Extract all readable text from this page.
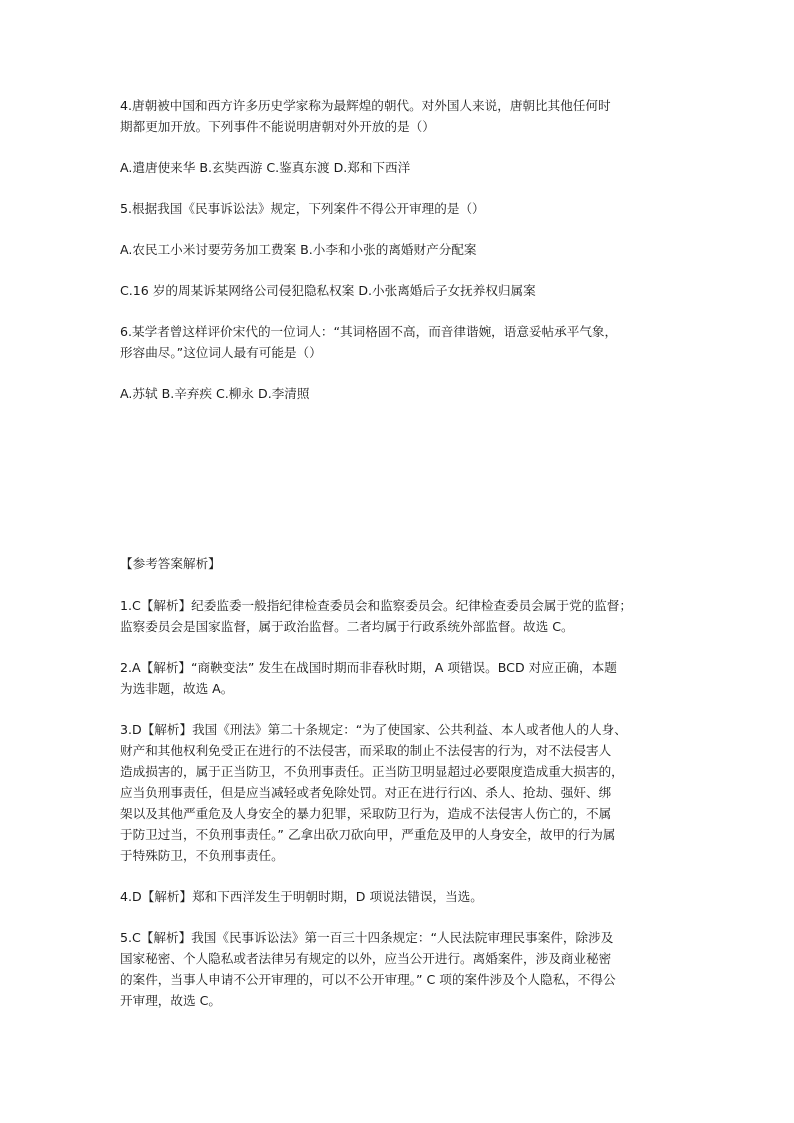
4.唐朝被中国和西方许多历史学家称为最辉煌的朝代。对外国人来说，唐朝比其他任何时
期都更加开放。下列事件不能说明唐朝对外开放的是（）
A.遣唐使来华 B.玄奘西游 C.鉴真东渡 D.郑和下西洋
5.根据我国《民事诉讼法》规定，下列案件不得公开审理的是（）
A.农民工小米讨要劳务加工费案 B.小李和小张的离婚财产分配案
C.16 岁的周某诉某网络公司侵犯隐私权案 D.小张离婚后子女抚养权归属案
6.某学者曾这样评价宋代的一位词人：“其词格固不高，而音律谐婉，语意妥帖承平气象，
形容曲尽。”这位词人最有可能是（）
A.苏轼 B.辛弃疾 C.柳永 D.李清照
【参考答案解析】
1.C【解析】纪委监委一般指纪律检查委员会和监察委员会。纪律检查委员会属于党的监督；
监察委员会是国家监督，属于政治监督。二者均属于行政系统外部监督。故选 C。
2.A【解析】“商鞅变法” 发生在战国时期而非春秋时期，A 项错误。BCD 对应正确，本题
为选非题，故选 A。
3.D【解析】我国《刑法》第二十条规定：“为了使国家、公共利益、本人或者他人的人身、
财产和其他权利免受正在进行的不法侵害，而采取的制止不法侵害的行为，对不法侵害人
造成损害的，属于正当防卫，不负刑事责任。正当防卫明显超过必要限度造成重大损害的，
应当负刑事责任，但是应当减轻或者免除处罚。对正在进行行凶、杀人、抢劫、强奸、绑
架以及其他严重危及人身安全的暴力犯罪，采取防卫行为，造成不法侵害人伤亡的，不属
于防卫过当，不负刑事责任。” 乙拿出砍刀砍向甲，严重危及甲的人身安全，故甲的行为属
于特殊防卫，不负刑事责任。
4.D【解析】郑和下西洋发生于明朝时期，D 项说法错误，当选。
5.C【解析】我国《民事诉讼法》第一百三十四条规定：“人民法院审理民事案件，除涉及
国家秘密、个人隐私或者法律另有规定的以外，应当公开进行。离婚案件，涉及商业秘密
的案件，当事人申请不公开审理的，可以不公开审理。” C 项的案件涉及个人隐私，不得公
开审理，故选 C。
